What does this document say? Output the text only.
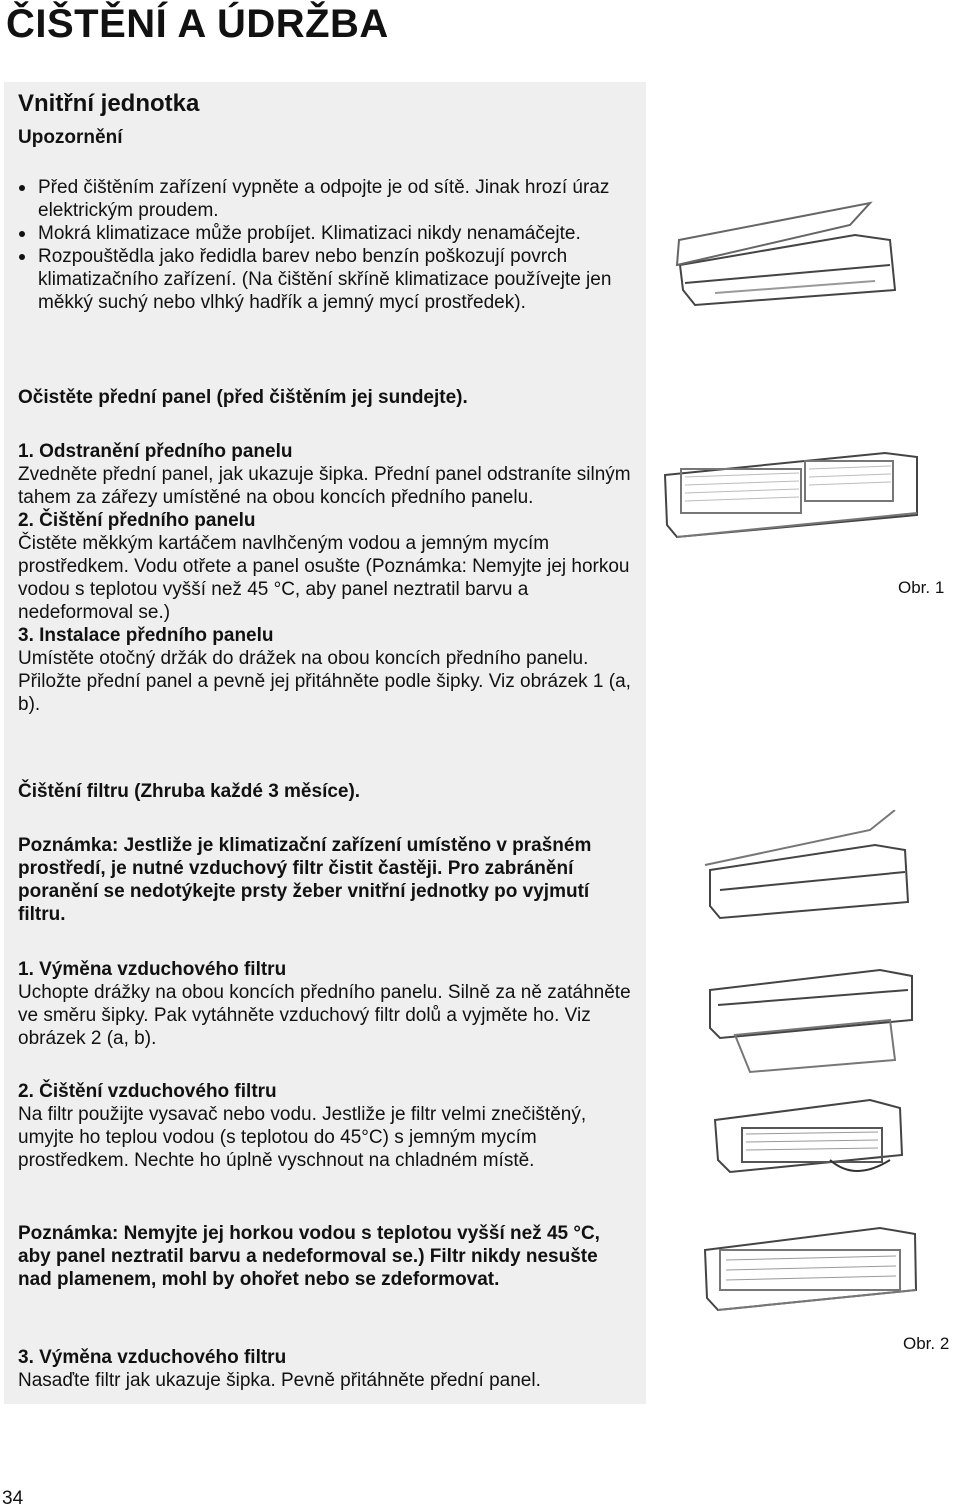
ČIŠTĚNÍ A ÚDRŽBA
Vnitřní jednotka
Upozornění
Před čištěním zařízení vypněte a odpojte je od sítě. Jinak hrozí úraz elektrickým proudem.
Mokrá klimatizace může probíjet. Klimatizaci nikdy nenamáčejte.
Rozpouštědla jako ředidla barev nebo benzín poškozují povrch klimatizačního zařízení. (Na čištění skříně klimatizace používejte jen měkký suchý nebo vlhký hadřík a jemný mycí prostředek).
Očistěte přední panel (před čištěním jej sundejte).

1. Odstranění předního panelu

Zvedněte přední panel, jak ukazuje šipka. Přední panel odstraníte silným tahem za zářezy umístěné na obou koncích předního panelu.

2. Čištění předního panelu

Čistěte měkkým kartáčem navlhčeným vodou a jemným mycím prostředkem. Vodu otřete a panel osušte (Poznámka: Nemyjte jej horkou vodou s teplotou vyšší než 45 °C, aby panel neztratil barvu a nedeformoval se.)

3. Instalace předního panelu

Umístěte otočný držák do drážek na obou koncích předního panelu. Přiložte přední panel a pevně jej přitáhněte podle šipky. Viz obrázek 1 (a, b).

Čištění filtru (Zhruba každé 3 měsíce).
Poznámka: Jestliže je klimatizační zařízení umístěno v prašném prostředí, je nutné vzduchový filtr čistit častěji. Pro zabránění poranění se nedotýkejte prsty žeber vnitřní jednotky po vyjmutí filtru.

1. Výměna vzduchového filtru

Uchopte drážky na obou koncích předního panelu. Silně za ně zatáhněte ve směru šipky. Pak vytáhněte vzduchový filtr dolů a vyjměte ho. Viz obrázek 2 (a, b).

2. Čištění vzduchového filtru

Na filtr použijte vysavač nebo vodu. Jestliže je filtr velmi znečištěný, umyjte ho teplou vodou (s teplotou do 45°C) s jemným mycím prostředkem. Nechte ho úplně vyschnout na chladném místě.

Poznámka: Nemyjte jej horkou vodou s teplotou vyšší než 45 °C, aby panel neztratil barvu a nedeformoval se.) Filtr nikdy nesušte nad plamenem, mohl by ohořet nebo se zdeformovat.

3. Výměna vzduchového filtru

Nasaďte filtr jak ukazuje šipka. Pevně přitáhněte přední panel.

Obr. 1
Obr. 2
34
